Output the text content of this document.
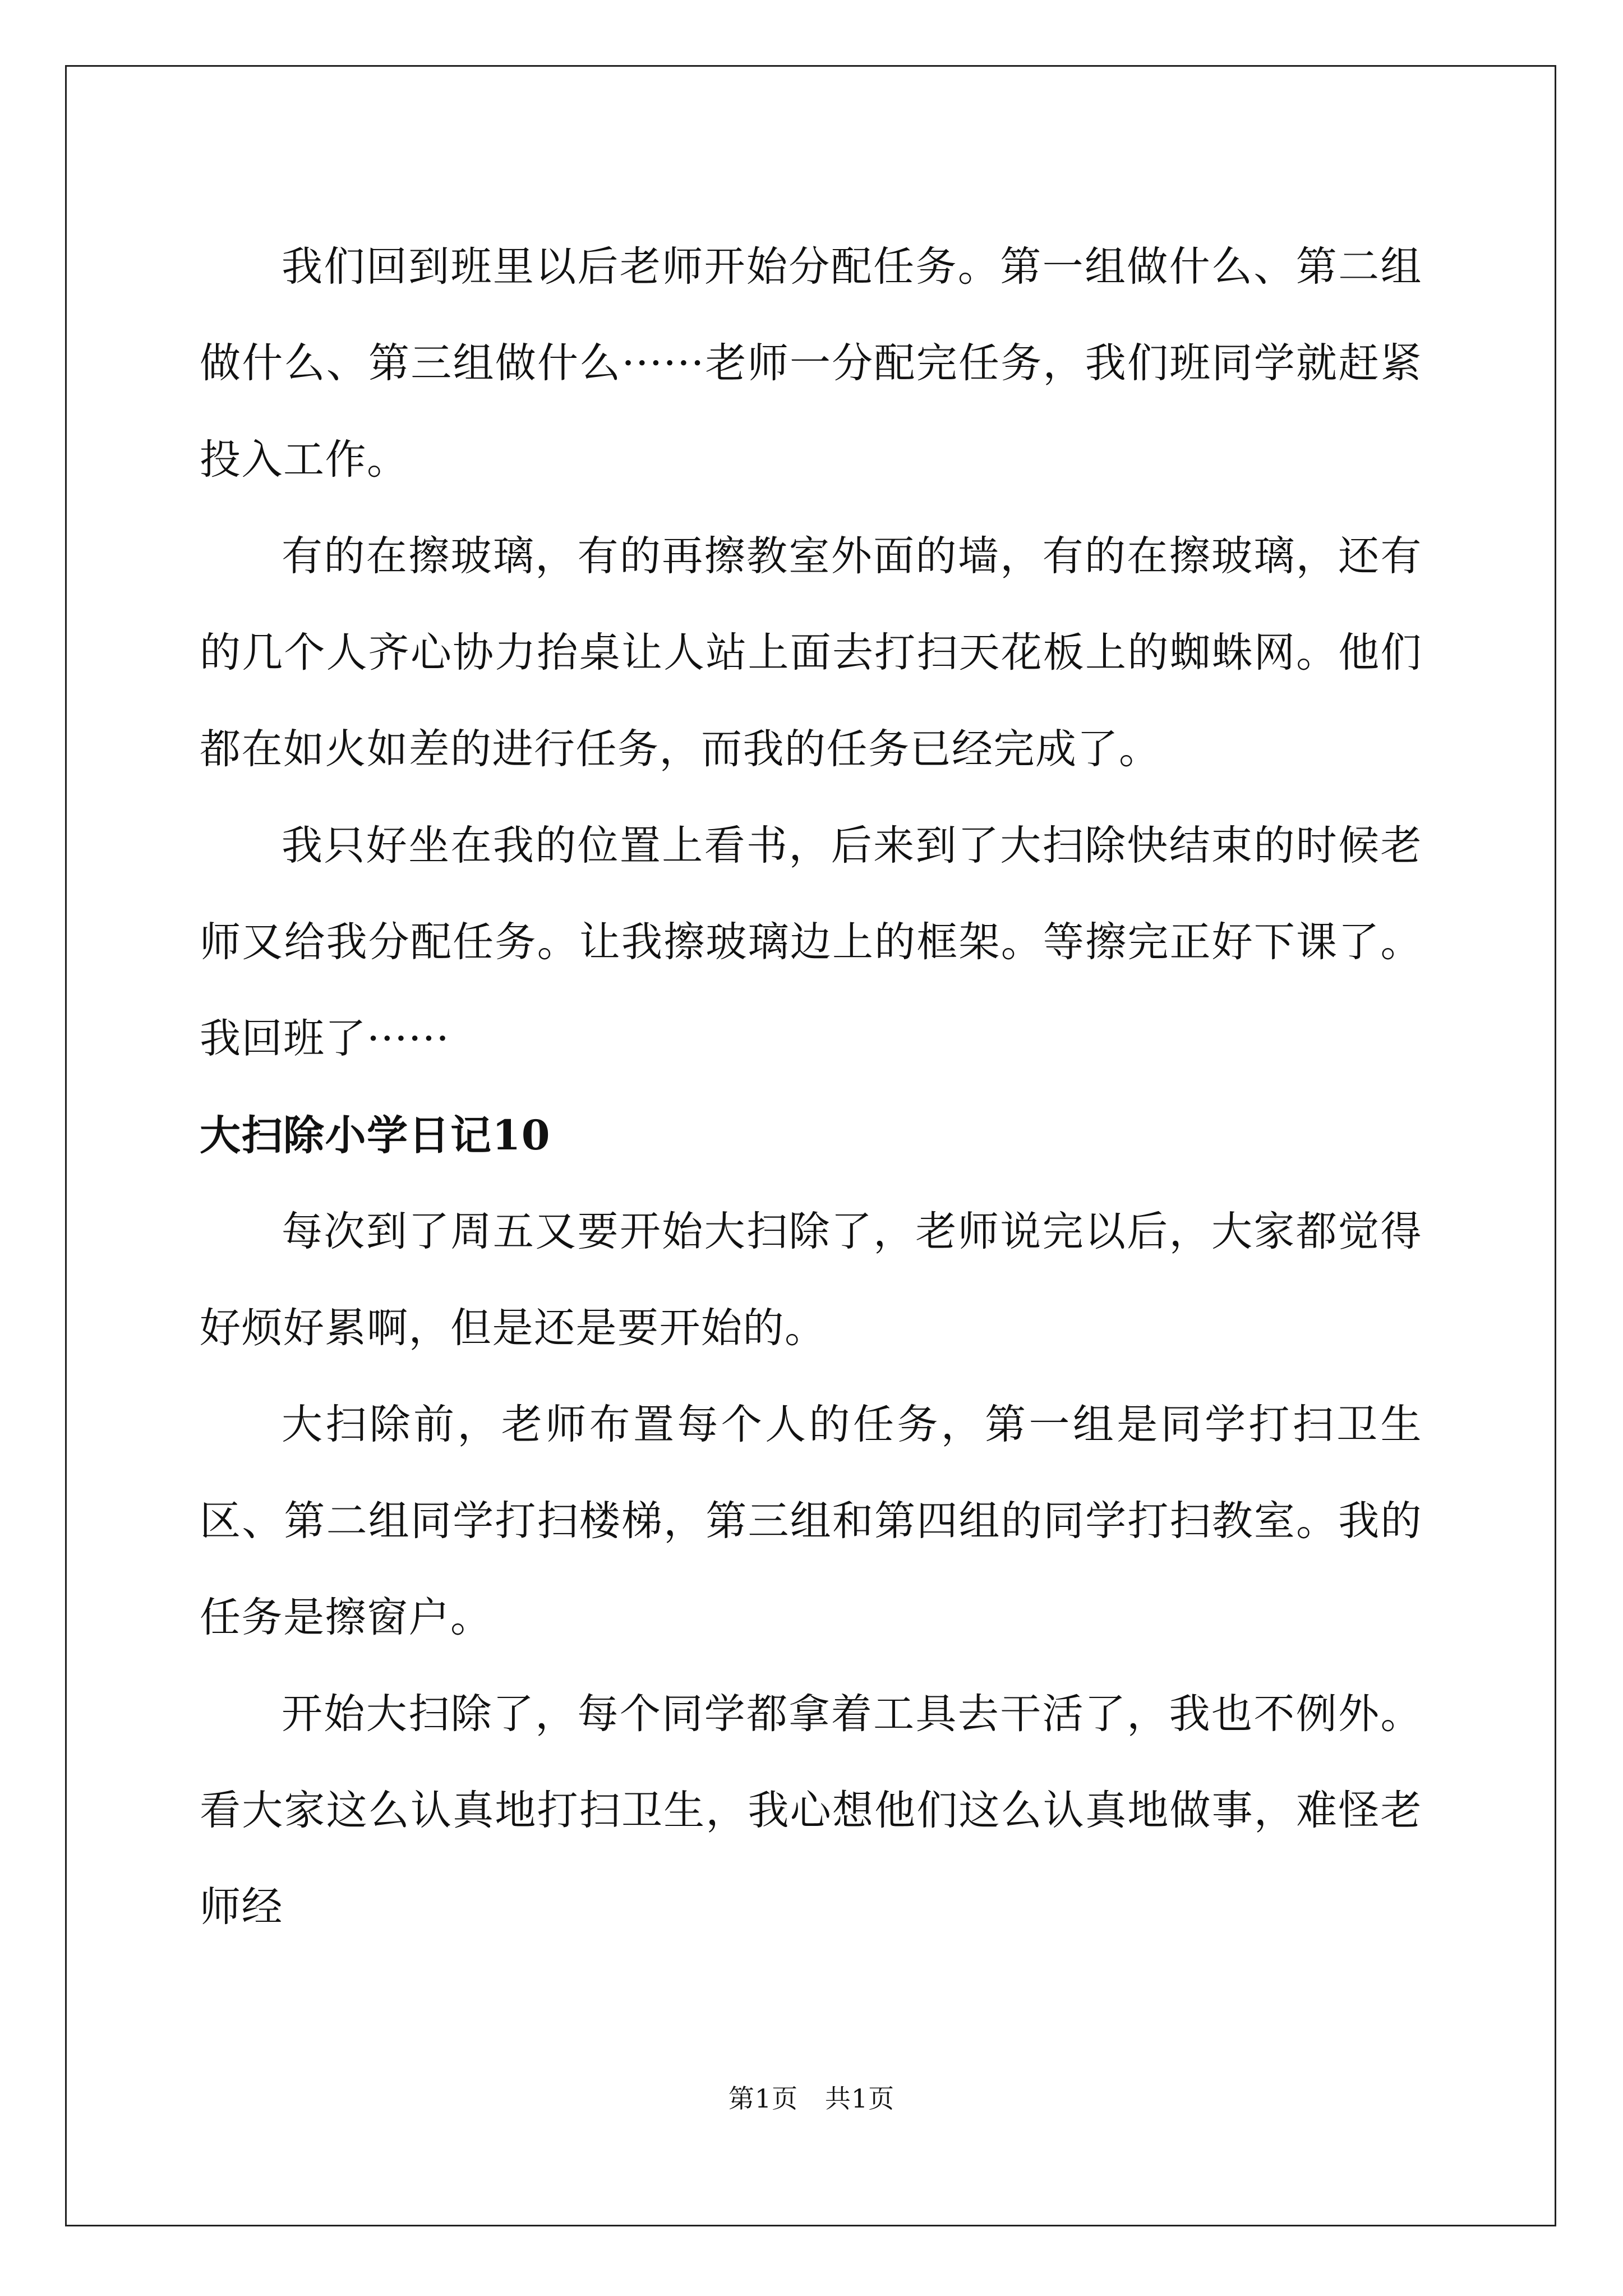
我们回到班里以后老师开始分配任务。第一组做什么、第二组做什么、第三组做什么······老师一分配完任务，我们班同学就赶紧投入工作。

有的在擦玻璃，有的再擦教室外面的墙，有的在擦玻璃，还有的几个人齐心协力抬桌让人站上面去打扫天花板上的蜘蛛网。他们都在如火如差的进行任务，而我的任务已经完成了。

我只好坐在我的位置上看书，后来到了大扫除快结束的时候老师又给我分配任务。让我擦玻璃边上的框架。等擦完正好下课了。我回班了······

大扫除小学日记10

每次到了周五又要开始大扫除了，老师说完以后，大家都觉得好烦好累啊，但是还是要开始的。

大扫除前，老师布置每个人的任务，第一组是同学打扫卫生区、第二组同学打扫楼梯，第三组和第四组的同学打扫教室。我的任务是擦窗户。

开始大扫除了，每个同学都拿着工具去干活了，我也不例外。看大家这么认真地打扫卫生，我心想他们这么认真地做事，难怪老师经

第1页 共1页
